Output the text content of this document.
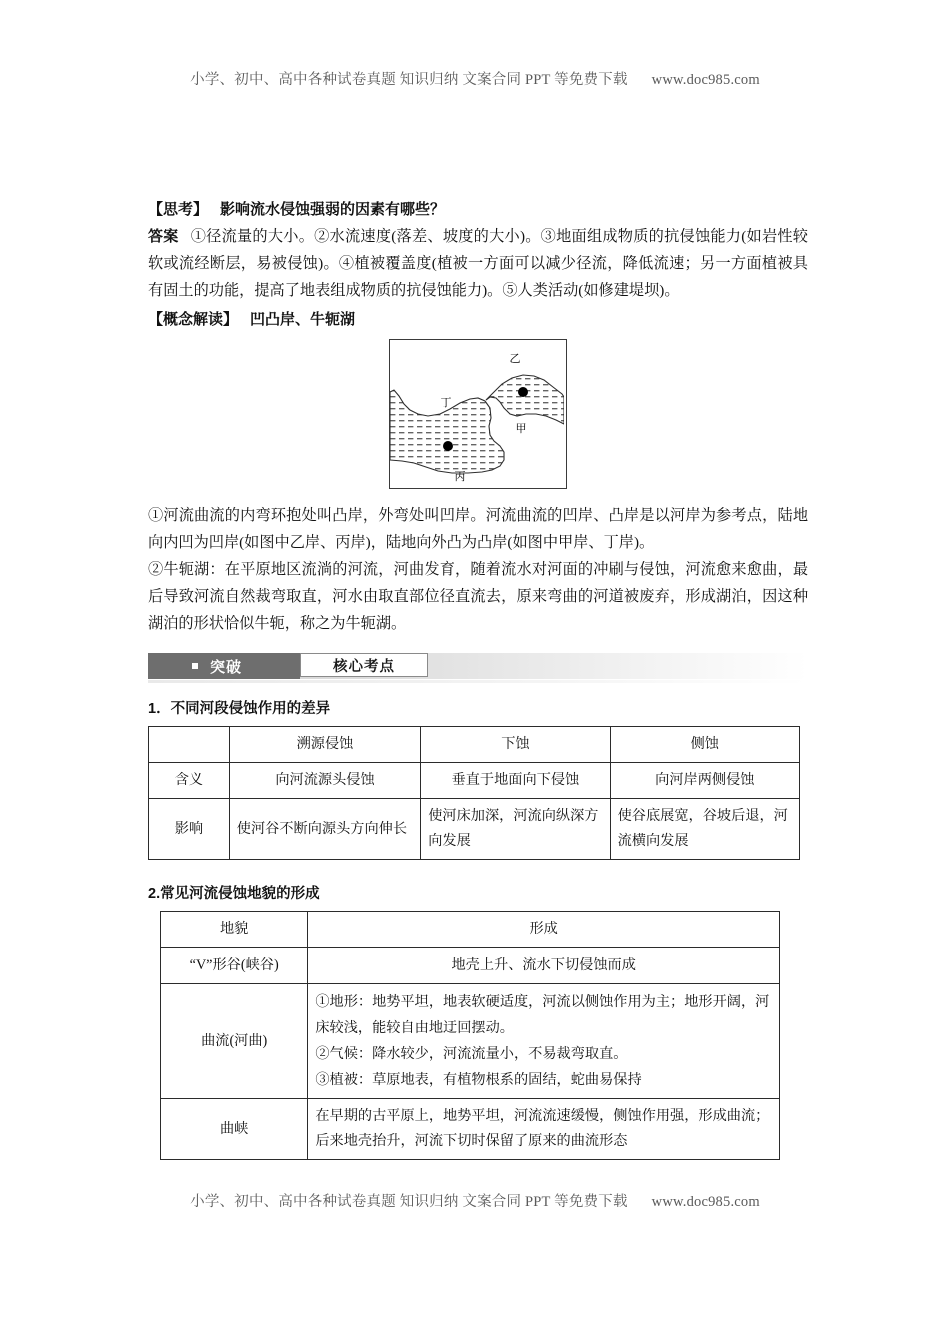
小学、初中、高中各种试卷真题 知识归纳 文案合同 PPT 等免费下载 www.doc985.com

【思考】 影响流水侵蚀强弱的因素有哪些？

答案 ①径流量的大小。②水流速度(落差、坡度的大小)。③地面组成物质的抗侵蚀能力(如岩性较软或流经断层，易被侵蚀)。④植被覆盖度(植被一方面可以减少径流，降低流速；另一方面植被具有固土的功能，提高了地表组成物质的抗侵蚀能力)。⑤人类活动(如修建堤坝)。

【概念解读】 凹凸岸、牛轭湖

乙
甲
丙
丁

①河流曲流的内弯环抱处叫凸岸，外弯处叫凹岸。河流曲流的凹岸、凸岸是以河岸为参考点，陆地向内凹为凹岸(如图中乙岸、丙岸)，陆地向外凸为凸岸(如图中甲岸、丁岸)。

②牛轭湖：在平原地区流淌的河流，河曲发育，随着流水对河面的冲刷与侵蚀，河流愈来愈曲，最后导致河流自然裁弯取直，河水由取直部位径直流去，原来弯曲的河道被废弃，形成湖泊，因这种湖泊的形状恰似牛轭，称之为牛轭湖。

突破	核心考点
1．不同河段侵蚀作用的差异
	溯源侵蚀	下蚀	侧蚀
含义	向河流源头侵蚀	垂直于地面向下侵蚀	向河岸两侧侵蚀
影响	使河谷不断向源头方向伸长	使河床加深，河流向纵深方向发展	使谷底展宽，谷坡后退，河流横向发展
2.常见河流侵蚀地貌的形成
地貌	形成
“V”形谷(峡谷)	地壳上升、流水下切侵蚀而成
曲流(河曲)	①地形：地势平坦，地表软硬适度，河流以侧蚀作用为主；地形开阔，河床较浅，能较自由地迂回摆动。
②气候：降水较少，河流流量小，不易裁弯取直。
③植被：草原地表，有植物根系的固结，蛇曲易保持

曲峡	在早期的古平原上，地势平坦，河流流速缓慢，侧蚀作用强，形成曲流；后来地壳抬升，河流下切时保留了原来的曲流形态
小学、初中、高中各种试卷真题 知识归纳 文案合同 PPT 等免费下载 www.doc985.com
